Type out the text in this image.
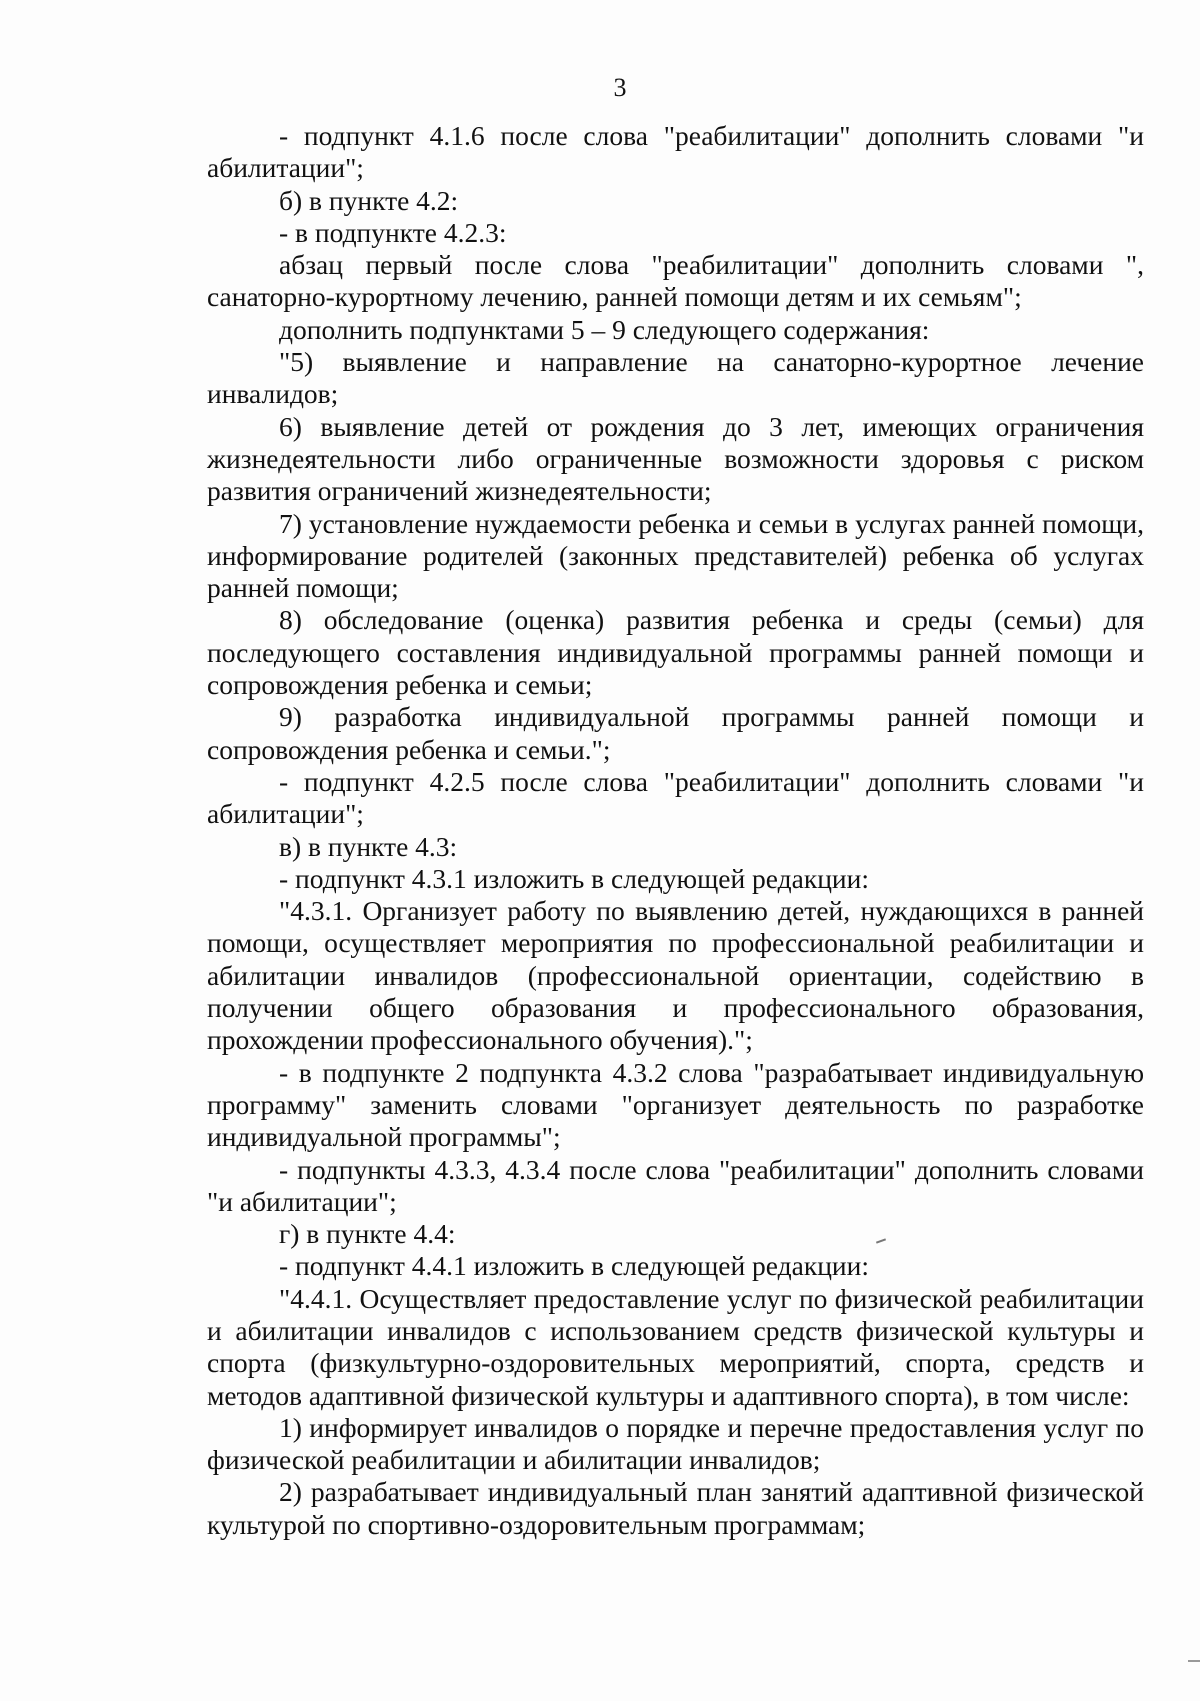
3

- подпункт 4.1.6 после слова "реабилитации" дополнить словами "и абилитации";

б) в пункте 4.2:

- в подпункте 4.2.3:

абзац первый после слова "реабилитации" дополнить словами ", санаторно-курортному лечению, ранней помощи детям и их семьям";

дополнить подпунктами 5 – 9 следующего содержания:

"5) выявление и направление на санаторно-курортное лечение инвалидов;

6) выявление детей от рождения до 3 лет, имеющих ограничения жизнедеятельности либо ограниченные возможности здоровья с риском развития ограничений жизнедеятельности;

7) установление нуждаемости ребенка и семьи в услугах ранней помощи, информирование родителей (законных представителей) ребенка об услугах ранней помощи;

8) обследование (оценка) развития ребенка и среды (семьи) для последующего составления индивидуальной программы ранней помощи и сопровождения ребенка и семьи;

9) разработка индивидуальной программы ранней помощи и сопровождения ребенка и семьи.";

- подпункт 4.2.5 после слова "реабилитации" дополнить словами "и абилитации";

в) в пункте 4.3:

- подпункт 4.3.1 изложить в следующей редакции:

"4.3.1. Организует работу по выявлению детей, нуждающихся в ранней помощи, осуществляет мероприятия по профессиональной реабилитации и абилитации инвалидов (профессиональной ориентации, содействию в получении общего образования и профессионального образования, прохождении профессионального обучения).";

- в подпункте 2 подпункта 4.3.2 слова "разрабатывает индивидуальную программу" заменить словами "организует деятельность по разработке индивидуальной программы";

- подпункты 4.3.3, 4.3.4 после слова "реабилитации" дополнить словами "и абилитации";

г) в пункте 4.4:

- подпункт 4.4.1 изложить в следующей редакции:

"4.4.1. Осуществляет предоставление услуг по физической реабилитации и абилитации инвалидов с использованием средств физической культуры и спорта (физкультурно-оздоровительных мероприятий, спорта, средств и методов адаптивной физической культуры и адаптивного спорта), в том числе:

1) информирует инвалидов о порядке и перечне предоставления услуг по физической реабилитации и абилитации инвалидов;

2) разрабатывает индивидуальный план занятий адаптивной физической культурой по спортивно-оздоровительным программам;
